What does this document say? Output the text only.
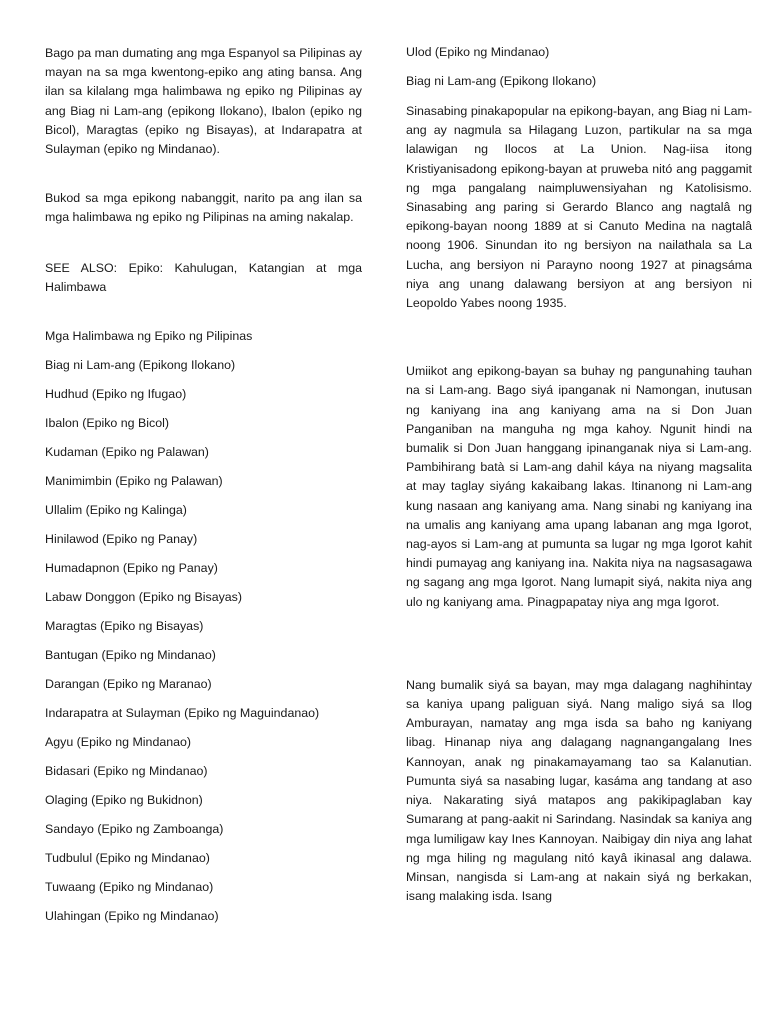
Bago pa man dumating ang mga Espanyol sa Pilipinas ay mayan na sa mga kwentong-epiko ang ating bansa. Ang ilan sa kilalang mga halimbawa ng epiko ng Pilipinas ay ang Biag ni Lam-ang (epikong Ilokano), Ibalon (epiko ng Bicol), Maragtas (epiko ng Bisayas), at Indarapatra at Sulayman (epiko ng Mindanao).

Bukod sa mga epikong nabanggit, narito pa ang ilan sa mga halimbawa ng epiko ng Pilipinas na aming nakalap.

SEE ALSO: Epiko: Kahulugan, Katangian at mga Halimbawa

Mga Halimbawa ng Epiko ng Pilipinas
Biag ni Lam-ang (Epikong Ilokano)
Hudhud (Epiko ng Ifugao)
Ibalon (Epiko ng Bicol)
Kudaman (Epiko ng Palawan)
Manimimbin (Epiko ng Palawan)
Ullalim (Epiko ng Kalinga)
Hinilawod (Epiko ng Panay)
Humadapnon (Epiko ng Panay)
Labaw Donggon (Epiko ng Bisayas)
Maragtas (Epiko ng Bisayas)
Bantugan (Epiko ng Mindanao)
Darangan (Epiko ng Maranao)
Indarapatra at Sulayman (Epiko ng Maguindanao)
Agyu (Epiko ng Mindanao)
Bidasari (Epiko ng Mindanao)
Olaging (Epiko ng Bukidnon)
Sandayo (Epiko ng Zamboanga)
Tudbulul (Epiko ng Mindanao)
Tuwaang (Epiko ng Mindanao)
Ulahingan (Epiko ng Mindanao)
Ulod (Epiko ng Mindanao)
Biag ni Lam-ang (Epikong Ilokano)

Sinasabing pinakapopular na epikong-bayan, ang Biag ni Lam-ang ay nagmula sa Hilagang Luzon, partikular na sa mga lalawigan ng Ilocos at La Union. Nag-iisa itong Kristiyanisadong epikong-bayan at pruweba nitó ang paggamit ng mga pangalang naimpluwensiyahan ng Katolisismo. Sinasabing ang paring si Gerardo Blanco ang nagtalâ ng epikong-bayan noong 1889 at si Canuto Medina na nagtalâ noong 1906. Sinundan ito ng bersiyon na nailathala sa La Lucha, ang bersiyon ni Parayno noong 1927 at pinagsáma niya ang unang dalawang bersiyon at ang bersiyon ni Leopoldo Yabes noong 1935.

Umiikot ang epikong-bayan sa buhay ng pangunahing tauhan na si Lam-ang. Bago siyá ipanganak ni Namongan, inutusan ng kaniyang ina ang kaniyang ama na si Don Juan Panganiban na manguha ng mga kahoy. Ngunit hindi na bumalik si Don Juan hanggang ipinanganak niya si Lam-ang. Pambihirang batà si Lam-ang dahil káya na niyang magsalita at may taglay siyáng kakaibang lakas. Itinanong ni Lam-ang kung nasaan ang kaniyang ama. Nang sinabi ng kaniyang ina na umalis ang kaniyang ama upang labanan ang mga Igorot, nag-ayos si Lam-ang at pumunta sa lugar ng mga Igorot kahit hindi pumayag ang kaniyang ina. Nakita niya na nagsasagawa ng sagang ang mga Igorot. Nang lumapit siyá, nakita niya ang ulo ng kaniyang ama. Pinagpapatay niya ang mga Igorot.

Nang bumalik siyá sa bayan, may mga dalagang naghihintay sa kaniya upang paliguan siyá. Nang maligo siyá sa Ilog Amburayan, namatay ang mga isda sa baho ng kaniyang libag. Hinanap niya ang dalagang nagnangangalang Ines Kannoyan, anak ng pinakamayamang tao sa Kalanutian. Pumunta siyá sa nasabing lugar, kasáma ang tandang at aso niya. Nakarating siyá matapos ang pakikipaglaban kay Sumarang at pang-aakit ni Sarindang. Nasindak sa kaniya ang mga lumiligaw kay Ines Kannoyan. Naibigay din niya ang lahat ng mga hiling ng magulang nitó kayâ ikinasal ang dalawa. Minsan, nangisda si Lam-ang at nakain siyá ng berkakan, isang malaking isda. Isang
